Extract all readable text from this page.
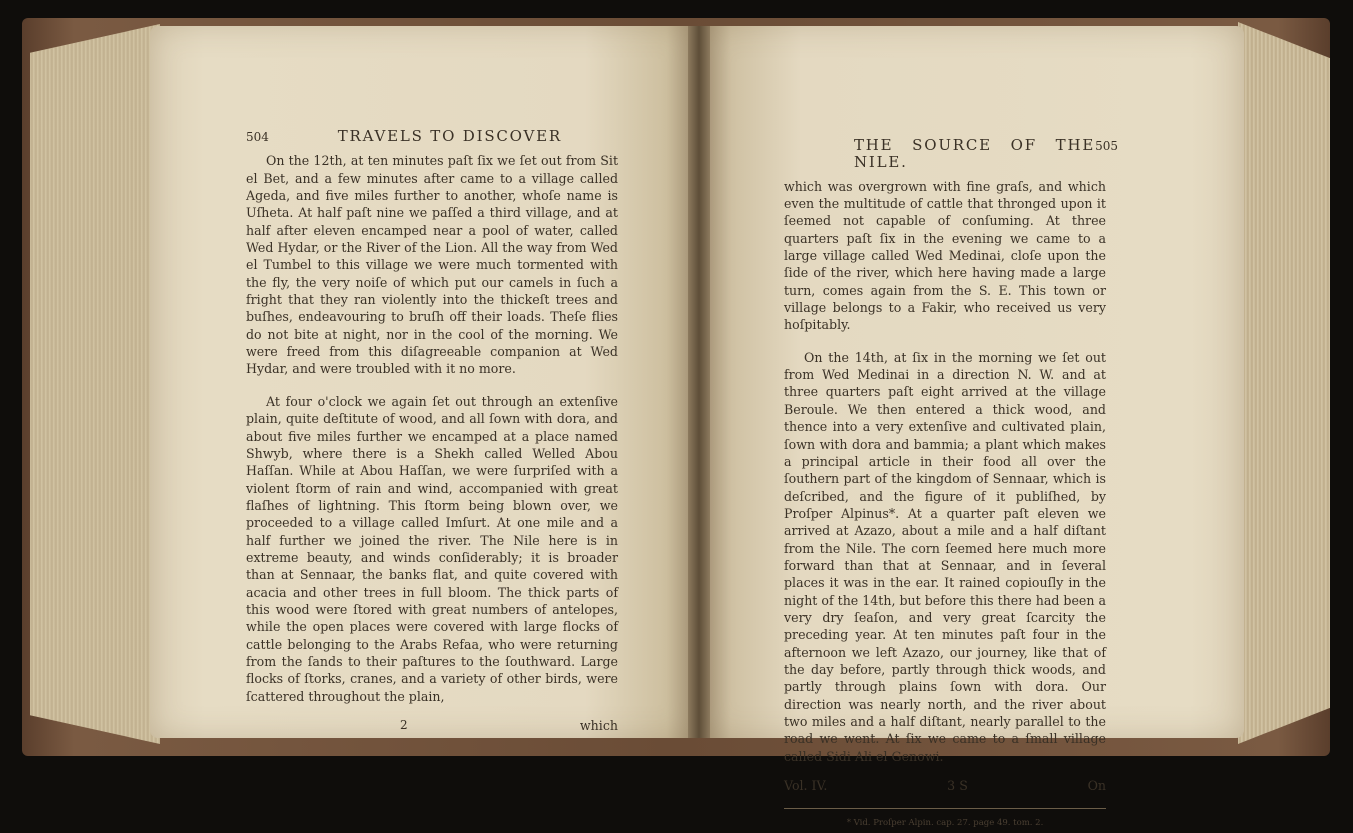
504	TRAVELS TO DISCOVER

On the 12th, at ten minutes paſt ſix we ſet out from Sit el Bet, and a few minutes after came to a village called Ageda, and five miles further to another, whoſe name is Uſheta. At half paſt nine we paſſed a third village, and at half after eleven encamped near a pool of water, called Wed Hydar, or the River of the Lion. All the way from Wed el Tumbel to this village we were much tormented with the fly, the very noiſe of which put our camels in ſuch a fright that they ran violently into the thickeſt trees and buſhes, endeavouring to bruſh off their loads. Theſe flies do not bite at night, nor in the cool of the morning. We were freed from this diſagreeable companion at Wed Hydar, and were troubled with it no more.

At four o'clock we again ſet out through an extenſive plain, quite deſtitute of wood, and all ſown with dora, and about five miles further we encamped at a place named Shwyb, where there is a Shekh called Welled Abou Haſſan. While at Abou Haſſan, we were ſurpriſed with a violent ſtorm of rain and wind, accompanied with great flaſhes of lightning. This ſtorm being blown over, we proceeded to a village called Imſurt. At one mile and a half further we joined the river. The Nile here is in extreme beauty, and winds conſiderably; it is broader than at Sennaar, the banks flat, and quite covered with acacia and other trees in full bloom. The thick parts of this wood were ſtored with great numbers of antelopes, while the open places were covered with large flocks of cattle belonging to the Arabs Refaa, who were returning from the ſands to their paſtures to the ſouthward. Large flocks of ſtorks, cranes, and a variety of other birds, were ſcattered throughout the plain,

2	which
THE SOURCE OF THE NILE.
505

which was overgrown with fine graſs, and which even the multitude of cattle that thronged upon it ſeemed not capable of conſuming. At three quarters paſt ſix in the evening we came to a large village called Wed Medinai, cloſe upon the ſide of the river, which here having made a large turn, comes again from the S. E. This town or village belongs to a Fakir, who received us very hoſpitably.

On the 14th, at ſix in the morning we ſet out from Wed Medinai in a direction N. W. and at three quarters paſt eight arrived at the village Beroule. We then entered a thick wood, and thence into a very extenſive and cultivated plain, ſown with dora and bammia; a plant which makes a principal article in their food all over the ſouthern part of the kingdom of Sennaar, which is deſcribed, and the figure of it publiſhed, by Proſper Alpinus*. At a quarter paſt eleven we arrived at Azazo, about a mile and a half diſtant from the Nile. The corn ſeemed here much more forward than that at Sennaar, and in ſeveral places it was in the ear. It rained copiouſly in the night of the 14th, but before this there had been a very dry ſeaſon, and very great ſcarcity the preceding year. At ten minutes paſt four in the afternoon we left Azazo, our journey, like that of the day before, partly through thick woods, and partly through plains ſown with dora. Our direction was nearly north, and the river about two miles and a half diſtant, nearly parallel to the road we went. At ſix we came to a ſmall village called Sidi Ali el Genowi.

Vol. IV.	3 S	On
* Vid. Proſper Alpin. cap. 27. page 49. tom. 2.
